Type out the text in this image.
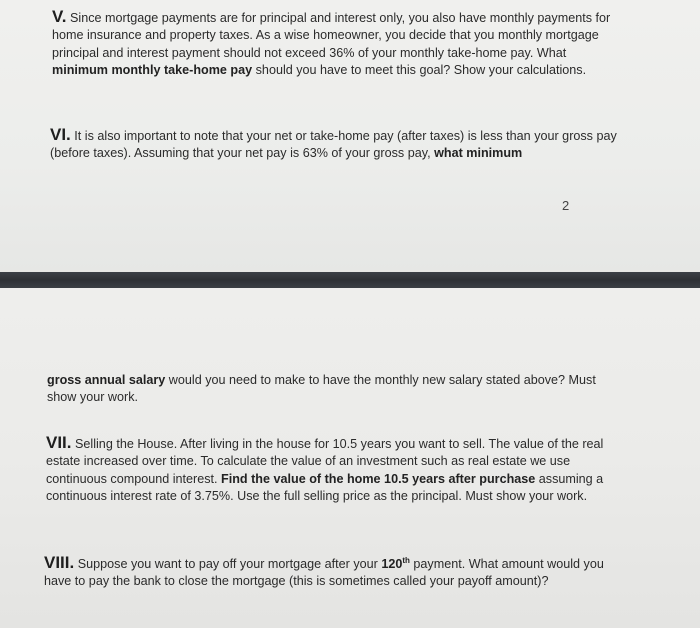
V. Since mortgage payments are for principal and interest only, you also have monthly payments for home insurance and property taxes. As a wise homeowner, you decide that you monthly mortgage principal and interest payment should not exceed 36% of your monthly take-home pay. What minimum monthly take-home pay should you have to meet this goal? Show your calculations.

VI. It is also important to note that your net or take-home pay (after taxes) is less than your gross pay (before taxes). Assuming that your net pay is 63% of your gross pay, what minimum

2

gross annual salary would you need to make to have the monthly new salary stated above? Must show your work.

VII. Selling the House. After living in the house for 10.5 years you want to sell. The value of the real estate increased over time. To calculate the value of an investment such as real estate we use continuous compound interest. Find the value of the home 10.5 years after purchase assuming a continuous interest rate of 3.75%. Use the full selling price as the principal. Must show your work.

VIII. Suppose you want to pay off your mortgage after your 120th payment. What amount would you have to pay the bank to close the mortgage (this is sometimes called your payoff amount)?
